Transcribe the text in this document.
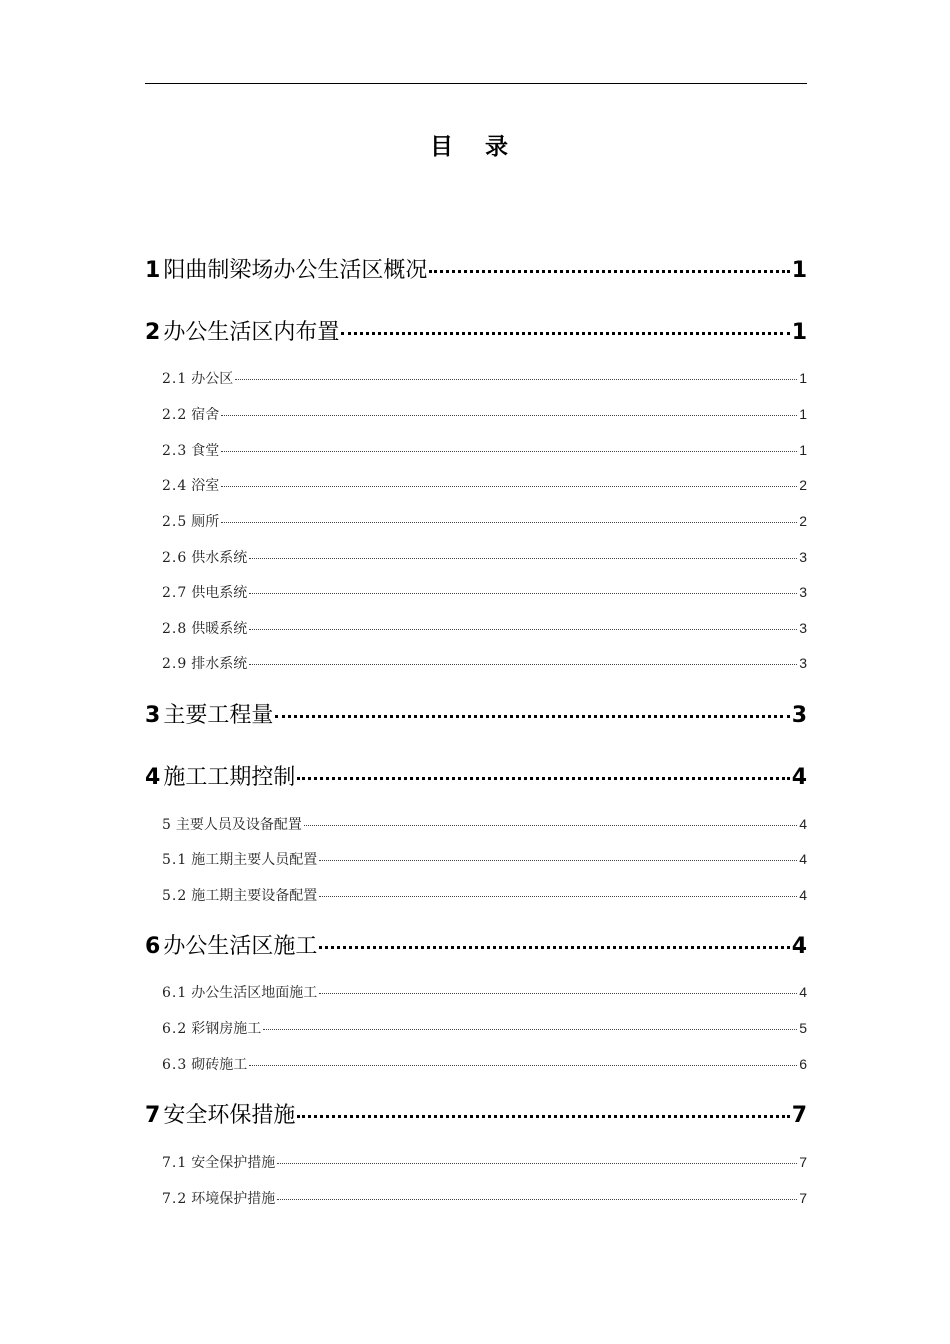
目 录
1 阳曲制梁场办公生活区概况	1
2 办公生活区内布置	1
2.1 办公区	1
2.2 宿舍	1
2.3 食堂	1
2.4 浴室	2
2.5 厕所	2
2.6 供水系统	3
2.7 供电系统	3
2.8 供暖系统	3
2.9 排水系统	3
3 主要工程量	3
4 施工工期控制	4
5 主要人员及设备配置	4
5.1 施工期主要人员配置	4
5.2 施工期主要设备配置	4
6 办公生活区施工	4
6.1 办公生活区地面施工	4
6.2 彩钢房施工	5
6.3 砌砖施工	6
7 安全环保措施	7
7.1 安全保护措施	7
7.2 环境保护措施	7
